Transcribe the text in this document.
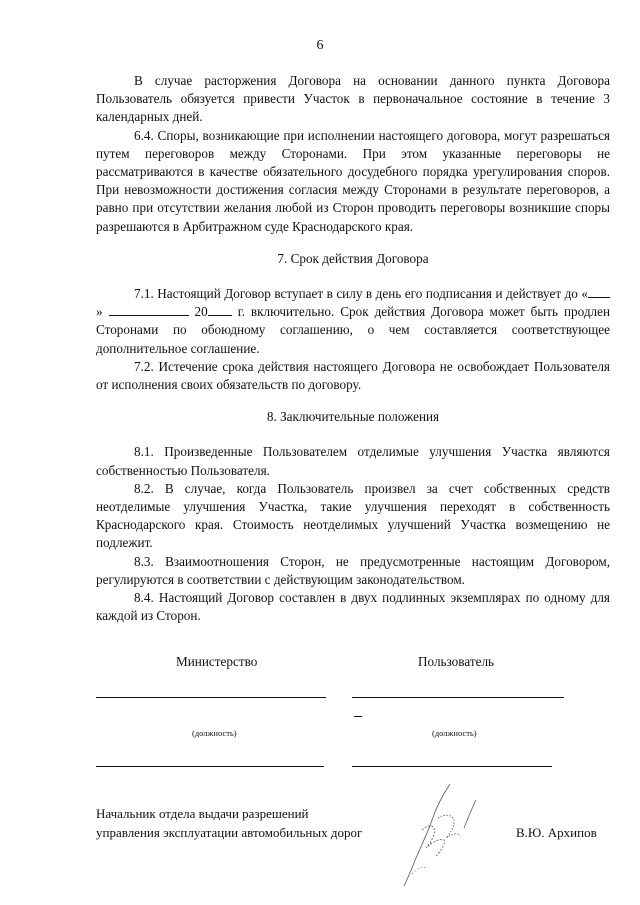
6

В случае расторжения Договора на основании данного пункта Договора Пользователь обязуется привести Участок в первоначальное состояние в течение 3 календарных дней.

6.4. Споры, возникающие при исполнении настоящего договора, могут разрешаться путем переговоров между Сторонами. При этом указанные переговоры не рассматриваются в качестве обязательного досудебного порядка урегулирования споров. При невозможности достижения согласия между Сторонами в результате переговоров, а равно при отсутствии желания любой из Сторон проводить переговоры возникшие споры разрешаются в Арбитражном суде Краснодарского края.

7. Срок действия Договора

7.1. Настоящий Договор вступает в силу в день его подписания и действует до «»	20 г. включительно. Срок действия Договора может быть продлен Сторонами по обоюдному соглашению, о чем составляется соответствующее дополнительное соглашение.

7.2. Истечение срока действия настоящего Договора не освобождает Пользователя от исполнения своих обязательств по договору.

8. Заключительные положения

8.1. Произведенные Пользователем отделимые улучшения Участка являются собственностью Пользователя.

8.2. В случае, когда Пользователь произвел за счет собственных средств неотделимые улучшения Участка, такие улучшения переходят в собственность Краснодарского края. Стоимость неотделимых улучшений Участка возмещению не подлежит.

8.3. Взаимоотношения Сторон, не предусмотренные настоящим Договором, регулируются в соответствии с действующим законодательством.

8.4. Настоящий Договор составлен в двух подлинных экземплярах по одному для каждой из Сторон.

Министерство	Пользователь
(должность)	(должность)
Начальник отдела выдачи разрешений
управления эксплуатации автомобильных дорог	В.Ю. Архипов
